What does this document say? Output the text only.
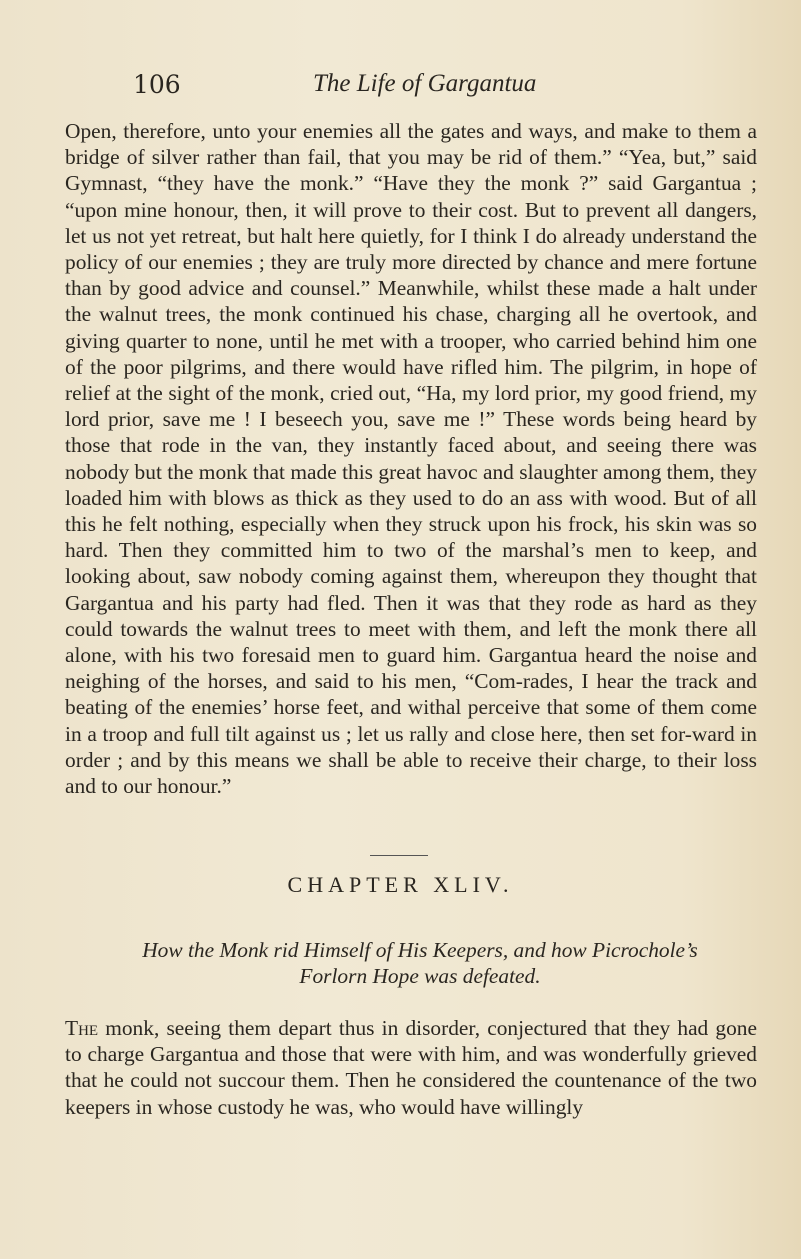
106	The Life of Gargantua

Open, therefore, unto your enemies all the gates and ways, and make to them a bridge of silver rather than fail, that you may be rid of them.” “Yea, but,” said Gymnast, “they have the monk.” “Have they the monk ?” said Gargantua ; “upon mine honour, then, it will prove to their cost. But to prevent all dangers, let us not yet retreat, but halt here quietly, for I think I do already understand the policy of our enemies ; they are truly more directed by chance and mere fortune than by good advice and counsel.” Meanwhile, whilst these made a halt under the walnut trees, the monk continued his chase, charging all he overtook, and giving quarter to none, until he met with a trooper, who carried behind him one of the poor pilgrims, and there would have rifled him. The pilgrim, in hope of relief at the sight of the monk, cried out, “Ha, my lord prior, my good friend, my lord prior, save me ! I beseech you, save me !” These words being heard by those that rode in the van, they instantly faced about, and seeing there was nobody but the monk that made this great havoc and slaughter among them, they loaded him with blows as thick as they used to do an ass with wood. But of all this he felt nothing, especially when they struck upon his frock, his skin was so hard. Then they committed him to two of the marshal’s men to keep, and looking about, saw nobody coming against them, whereupon they thought that Gargantua and his party had fled. Then it was that they rode as hard as they could towards the walnut trees to meet with them, and left the monk there all alone, with his two foresaid men to guard him. Gargantua heard the noise and neighing of the horses, and said to his men, “Com-rades, I hear the track and beating of the enemies’ horse feet, and withal perceive that some of them come in a troop and full tilt against us ; let us rally and close here, then set for-ward in order ; and by this means we shall be able to receive their charge, to their loss and to our honour.”

CHAPTER XLIV.
How the Monk rid Himself of His Keepers, and how Picrochole’s Forlorn Hope was defeated.

The monk, seeing them depart thus in disorder, conjectured that they had gone to charge Gargantua and those that were with him, and was wonderfully grieved that he could not succour them. Then he considered the countenance of the two keepers in whose custody he was, who would have willingly
